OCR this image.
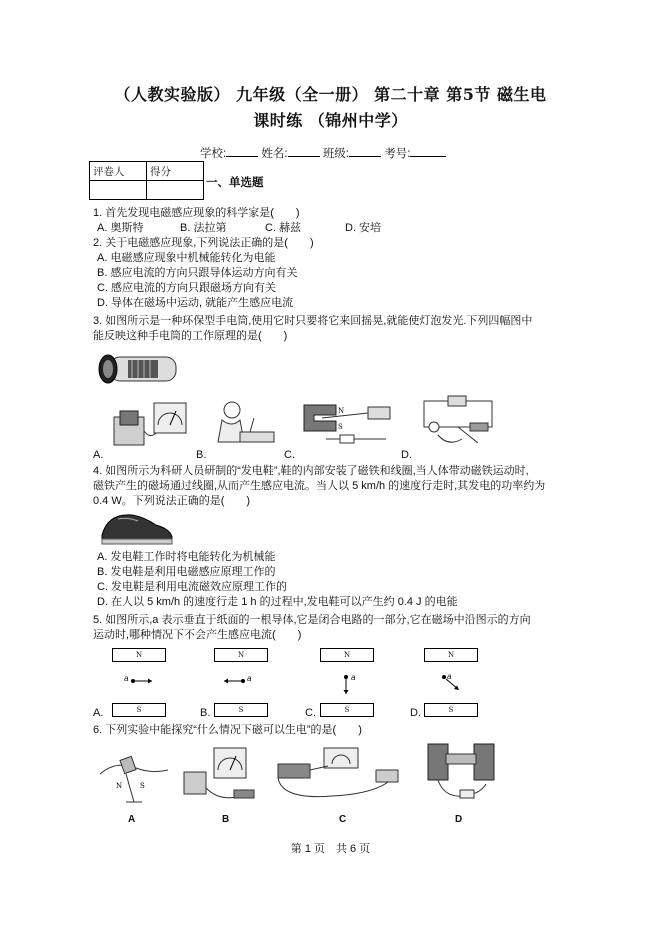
（人教实验版） 九年级（全一册） 第二十章 第5节 磁生电
课时练 （锦州中学）
学校:	姓名:	班级:	考号:
评卷人	得分

一、单选题
1. 首先发现电磁感应现象的科学家是(　　)
A. 奥斯特	B. 法拉第	C. 赫兹	D. 安培
2. 关于电磁感应现象,下列说法正确的是(　　)
A. 电磁感应现象中机械能转化为电能
B. 感应电流的方向只跟导体运动方向有关
C. 感应电流的方向只跟磁场方向有关
D. 导体在磁场中运动, 就能产生感应电流
3. 如图所示是一种环保型手电筒,使用它时只要将它来回摇晃,就能使灯泡发光.下列四幅图中
能反映这种手电筒的工作原理的是(　　)
N
S
A.	B.	C.	D.
4. 如图所示为科研人员研制的“发电鞋”,鞋的内部安装了磁铁和线圈,当人体带动磁铁运动时,
磁铁产生的磁场通过线圈,从而产生感应电流。当人以 5 km/h 的速度行走时,其发电的功率约为
0.4 W。下列说法正确的是(　　)
A. 发电鞋工作时将电能转化为机械能
B. 发电鞋是利用电磁感应原理工作的
C. 发电鞋是利用电流磁效应原理工作的
D. 在人以 5 km/h 的速度行走 1 h 的过程中,发电鞋可以产生约 0.4 J 的电能
5. 如图所示,a 表示垂直于纸面的一根导体,它是闭合电路的一部分,它在磁场中沿图示的方向
运动时,哪种情况下不会产生感应电流(　　)
N
S
a
N
S
a
N
S
a
N
S
a
A.	B.	C.	D.
6. 下列实验中能探究“什么情况下磁可以生电”的是(　　)
N	S
A	B	C	D
第 1 页　共 6 页
